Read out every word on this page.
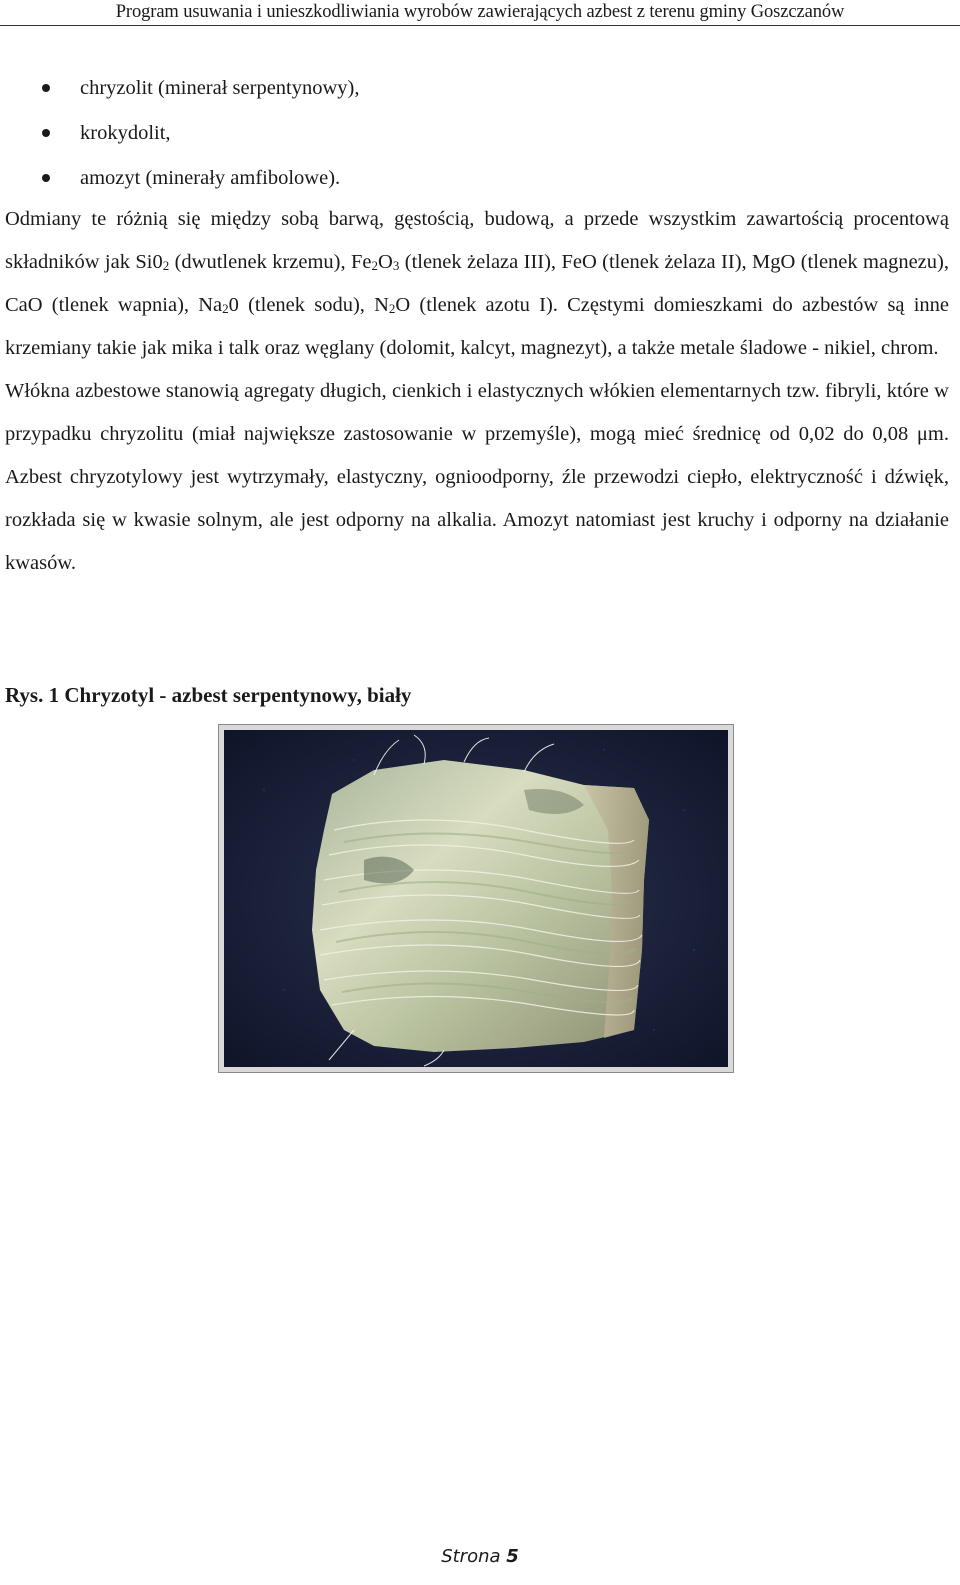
Program usuwania i unieszkodliwiania wyrobów zawierających azbest z terenu gminy Goszczanów
chryzolit (minerał serpentynowy),
krokydolit,
amozyt (minerały amfibolowe).

Odmiany te różnią się między sobą barwą, gęstością, budową, a przede wszystkim zawartością procentową składników jak $Si0_2$ (dwutlenek krzemu), $Fe_2O_3$ (tlenek żelaza III), FeO (tlenek żelaza II), MgO (tlenek magnezu), CaO (tlenek wapnia), $Na_20$ (tlenek sodu), $N_2O$ (tlenek azotu I). Częstymi domieszkami do azbestów są inne krzemiany takie jak mika i talk oraz węglany (dolomit, kalcyt, magnezyt), a także metale śladowe - nikiel, chrom.

Włókna azbestowe stanowią agregaty długich, cienkich i elastycznych włókien elementarnych tzw. fibryli, które w przypadku chryzolitu (miał największe zastosowanie w przemyśle), mogą mieć średnicę od 0,02 do 0,08 μm. Azbest chryzotylowy jest wytrzymały, elastyczny, ognioodporny, źle przewodzi ciepło, elektryczność i dźwięk, rozkłada się w kwasie solnym, ale jest odporny na alkalia. Amozyt natomiast jest kruchy i odporny na działanie kwasów.

Rys. 1 Chryzotyl - azbest serpentynowy, biały
Strona 5
